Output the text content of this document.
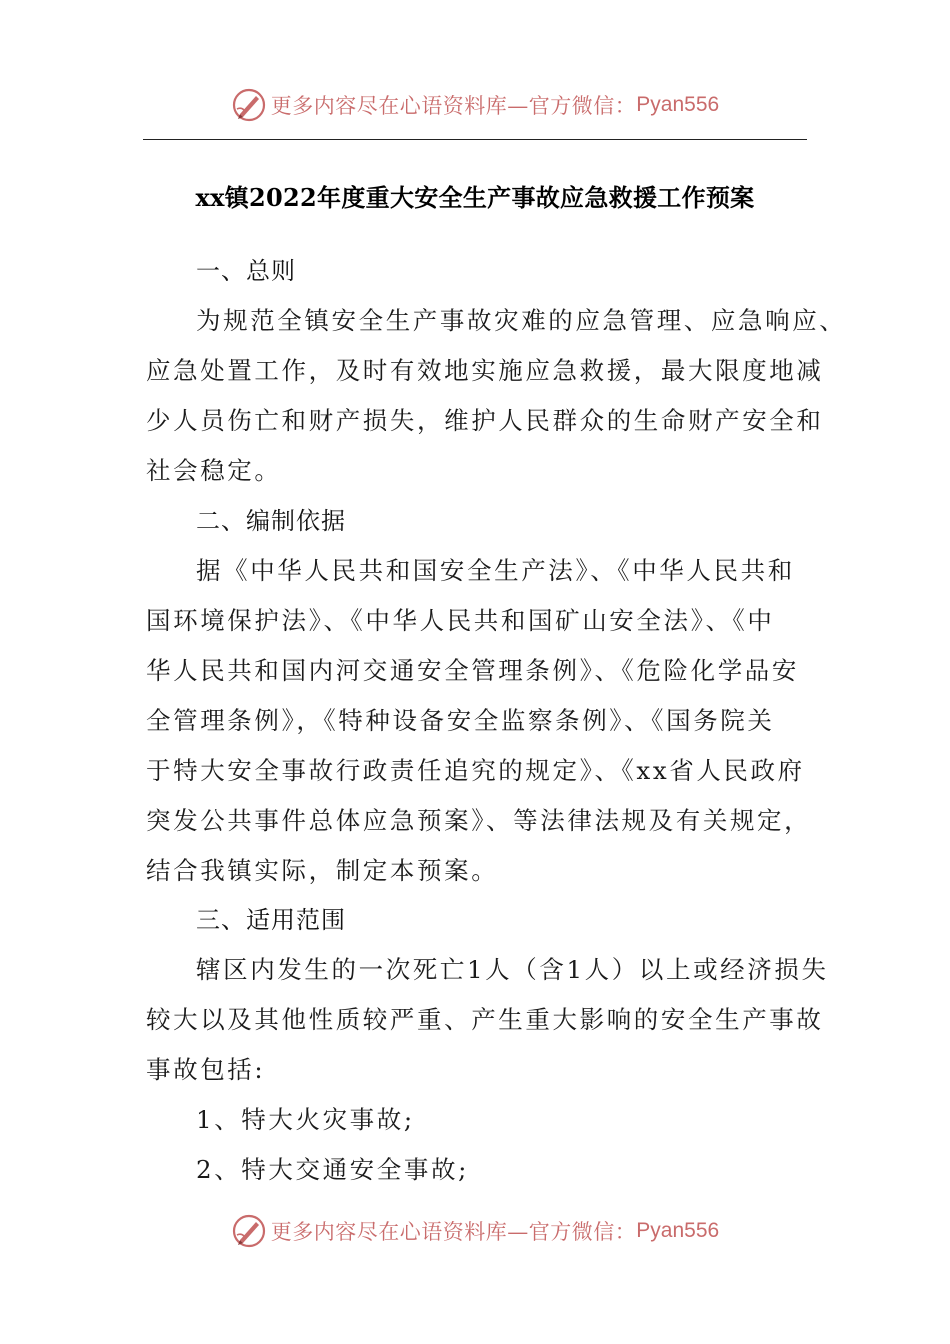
更多内容尽在心语资料库—官方微信： Pyan556
xx镇2022年度重大安全生产事故应急救援工作预案
一、总则
为规范全镇安全生产事故灾难的应急管理、应急响应、
应急处置工作，及时有效地实施应急救援，最大限度地减
少人员伤亡和财产损失，维护人民群众的生命财产安全和
社会稳定。
二、编制依据
据《中华人民共和国安全生产法》、《中华人民共和
国环境保护法》、《中华人民共和国矿山安全法》、《中
华人民共和国内河交通安全管理条例》、《危险化学品安
全管理条例》，《特种设备安全监察条例》、《国务院关
于特大安全事故行政责任追究的规定》、《xx省人民政府
突发公共事件总体应急预案》、等法律法规及有关规定，
结合我镇实际，制定本预案。
三、适用范围
辖区内发生的一次死亡1人（含1人）以上或经济损失
较大以及其他性质较严重、产生重大影响的安全生产事故
事故包括:
1、特大火灾事故;
2、特大交通安全事故;
更多内容尽在心语资料库—官方微信： Pyan556
